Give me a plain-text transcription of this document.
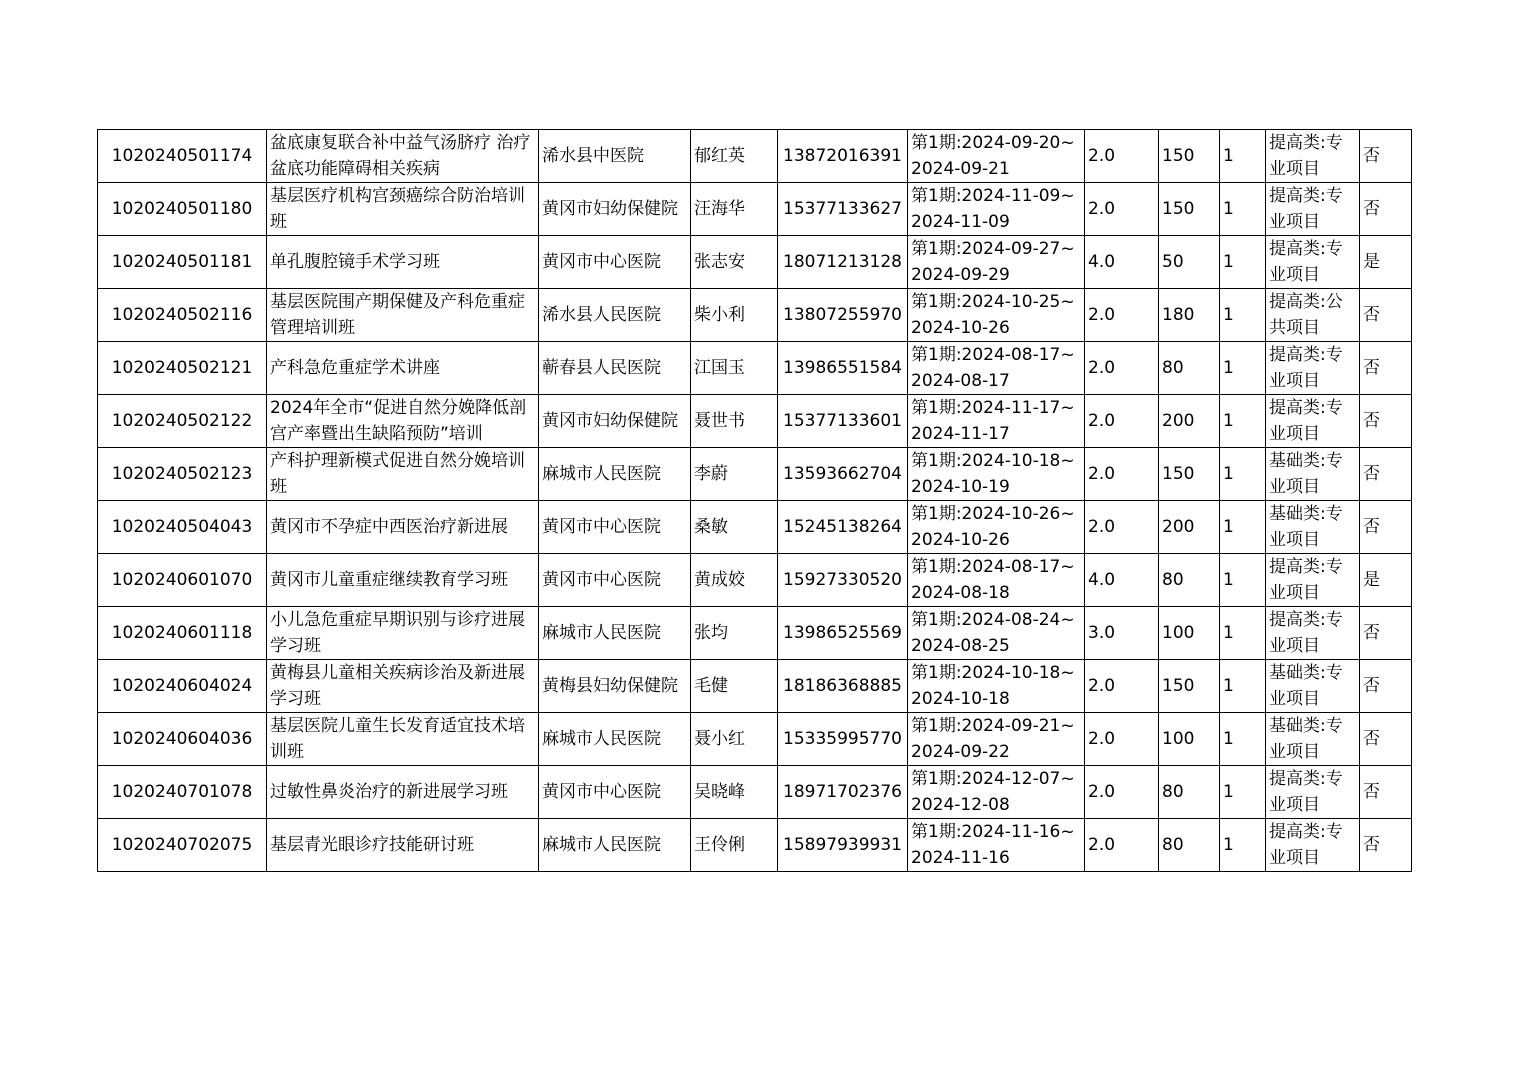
1020240501174	盆底康复联合补中益气汤脐疗 治疗盆底功能障碍相关疾病	浠水县中医院	郁红英	13872016391	第1期:2024-09-20~2024-09-21	2.0	150	1	提高类:专业项目	否
1020240501180	基层医疗机构宫颈癌综合防治培训班	黄冈市妇幼保健院	汪海华	15377133627	第1期:2024-11-09~2024-11-09	2.0	150	1	提高类:专业项目	否
1020240501181	单孔腹腔镜手术学习班	黄冈市中心医院	张志安	18071213128	第1期:2024-09-27~2024-09-29	4.0	50	1	提高类:专业项目	是
1020240502116	基层医院围产期保健及产科危重症管理培训班	浠水县人民医院	柴小利	13807255970	第1期:2024-10-25~2024-10-26	2.0	180	1	提高类:公共项目	否
1020240502121	产科急危重症学术讲座	蕲春县人民医院	江国玉	13986551584	第1期:2024-08-17~2024-08-17	2.0	80	1	提高类:专业项目	否
1020240502122	2024年全市“促进自然分娩降低剖宫产率暨出生缺陷预防”培训	黄冈市妇幼保健院	聂世书	15377133601	第1期:2024-11-17~2024-11-17	2.0	200	1	提高类:专业项目	否
1020240502123	产科护理新模式促进自然分娩培训班	麻城市人民医院	李蔚	13593662704	第1期:2024-10-18~2024-10-19	2.0	150	1	基础类:专业项目	否
1020240504043	黄冈市不孕症中西医治疗新进展	黄冈市中心医院	桑敏	15245138264	第1期:2024-10-26~2024-10-26	2.0	200	1	基础类:专业项目	否
1020240601070	黄冈市儿童重症继续教育学习班	黄冈市中心医院	黄成姣	15927330520	第1期:2024-08-17~2024-08-18	4.0	80	1	提高类:专业项目	是
1020240601118	小儿急危重症早期识别与诊疗进展学习班	麻城市人民医院	张均	13986525569	第1期:2024-08-24~2024-08-25	3.0	100	1	提高类:专业项目	否
1020240604024	黄梅县儿童相关疾病诊治及新进展学习班	黄梅县妇幼保健院	毛健	18186368885	第1期:2024-10-18~2024-10-18	2.0	150	1	基础类:专业项目	否
1020240604036	基层医院儿童生长发育适宜技术培训班	麻城市人民医院	聂小红	15335995770	第1期:2024-09-21~2024-09-22	2.0	100	1	基础类:专业项目	否
1020240701078	过敏性鼻炎治疗的新进展学习班	黄冈市中心医院	吴晓峰	18971702376	第1期:2024-12-07~2024-12-08	2.0	80	1	提高类:专业项目	否
1020240702075	基层青光眼诊疗技能研讨班	麻城市人民医院	王伶俐	15897939931	第1期:2024-11-16~2024-11-16	2.0	80	1	提高类:专业项目	否
